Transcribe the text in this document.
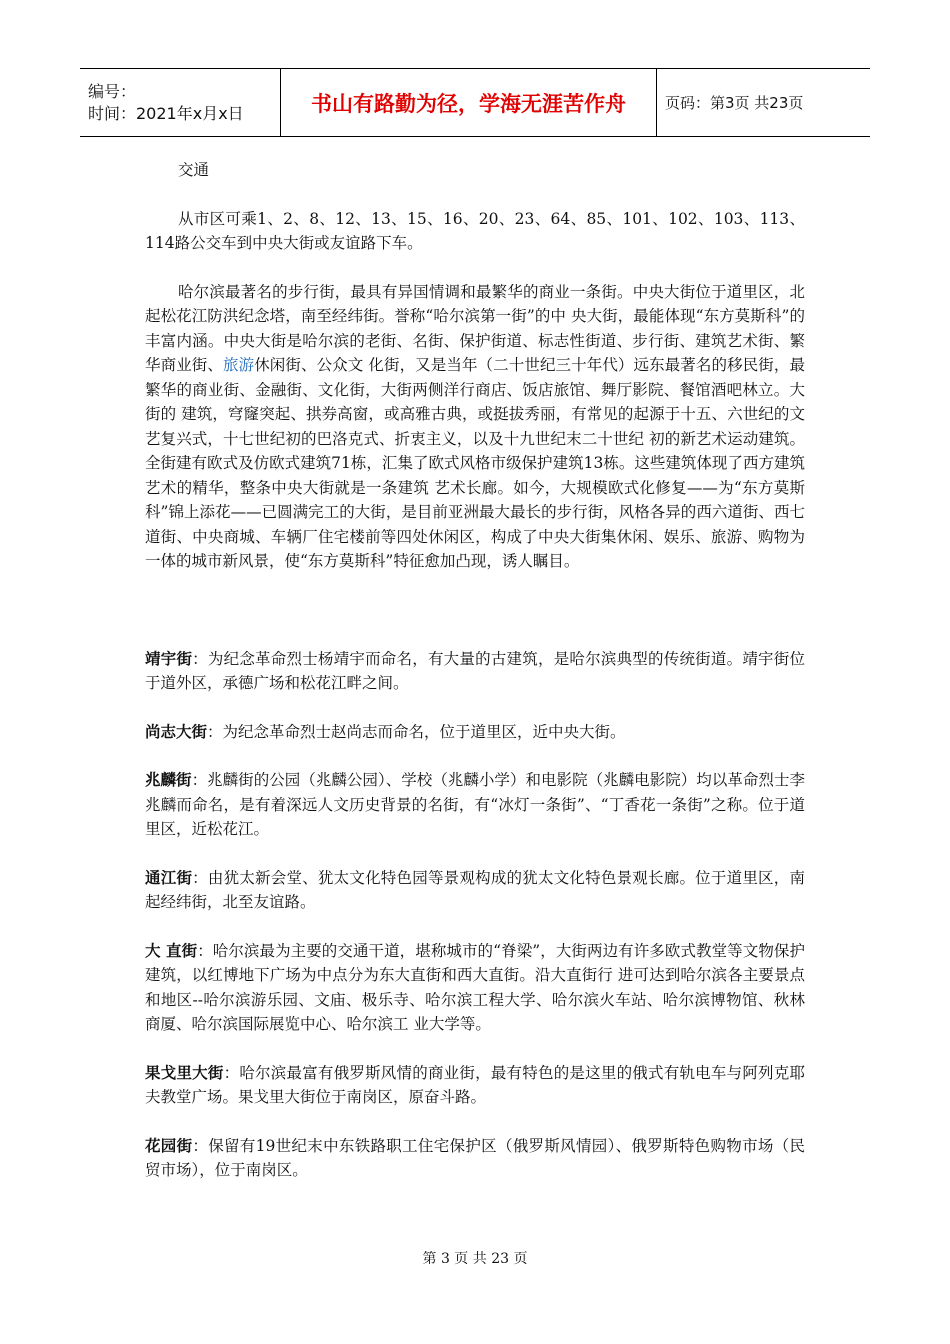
编号：
时间：2021年x月x日	书山有路勤为径，学海无涯苦作舟	页码：第3页 共23页

交通

从市区可乘1、2、8、12、13、15、16、20、23、64、85、101、102、103、113、114路公交车到中央大街或友谊路下车。

哈尔滨最著名的步行街，最具有异国情调和最繁华的商业一条街。中央大街位于道里区，北起松花江防洪纪念塔，南至经纬街。誉称“哈尔滨第一街”的中 央大街，最能体现“东方莫斯科”的丰富内涵。中央大街是哈尔滨的老街、名街、保护街道、标志性街道、步行街、建筑艺术街、繁华商业街、旅游休闲街、公众文 化街，又是当年（二十世纪三十年代）远东最著名的移民街，最繁华的商业街、金融街、文化街，大街两侧洋行商店、饭店旅馆、舞厅影院、餐馆酒吧林立。大街的 建筑，穹窿突起、拱券高窗，或高雅古典，或挺拔秀丽，有常见的起源于十五、六世纪的文艺复兴式，十七世纪初的巴洛克式、折衷主义，以及十九世纪末二十世纪 初的新艺术运动建筑。全街建有欧式及仿欧式建筑71栋，汇集了欧式风格市级保护建筑13栋。这些建筑体现了西方建筑艺术的精华，整条中央大街就是一条建筑 艺术长廊。如今，大规模欧式化修复——为“东方莫斯科”锦上添花——已圆满完工的大街，是目前亚洲最大最长的步行街，风格各异的西六道街、西七道街、中央商城、车辆厂住宅楼前等四处休闲区，构成了中央大街集休闲、娱乐、旅游、购物为一体的城市新风景，使“东方莫斯科”特征愈加凸现，诱人瞩目。

靖宇街：为纪念革命烈士杨靖宇而命名，有大量的古建筑，是哈尔滨典型的传统街道。靖宇街位于道外区，承德广场和松花江畔之间。

尚志大街：为纪念革命烈士赵尚志而命名，位于道里区，近中央大街。

兆麟街：兆麟街的公园（兆麟公园）、学校（兆麟小学）和电影院（兆麟电影院）均以革命烈士李兆麟而命名，是有着深远人文历史背景的名街，有“冰灯一条街”、“丁香花一条街”之称。位于道里区，近松花江。

通江街：由犹太新会堂、犹太文化特色园等景观构成的犹太文化特色景观长廊。位于道里区，南起经纬街，北至友谊路。

大 直街：哈尔滨最为主要的交通干道，堪称城市的“脊梁”，大街两边有许多欧式教堂等文物保护建筑，以红博地下广场为中点分为东大直街和西大直街。沿大直街行 进可达到哈尔滨各主要景点和地区--哈尔滨游乐园、文庙、极乐寺、哈尔滨工程大学、哈尔滨火车站、哈尔滨博物馆、秋林商厦、哈尔滨国际展览中心、哈尔滨工 业大学等。

果戈里大街：哈尔滨最富有俄罗斯风情的商业街，最有特色的是这里的俄式有轨电车与阿列克耶夫教堂广场。果戈里大街位于南岗区，原奋斗路。

花园街：保留有19世纪末中东铁路职工住宅保护区（俄罗斯风情园）、俄罗斯特色购物市场（民贸市场），位于南岗区。

第 3 页 共 23 页
